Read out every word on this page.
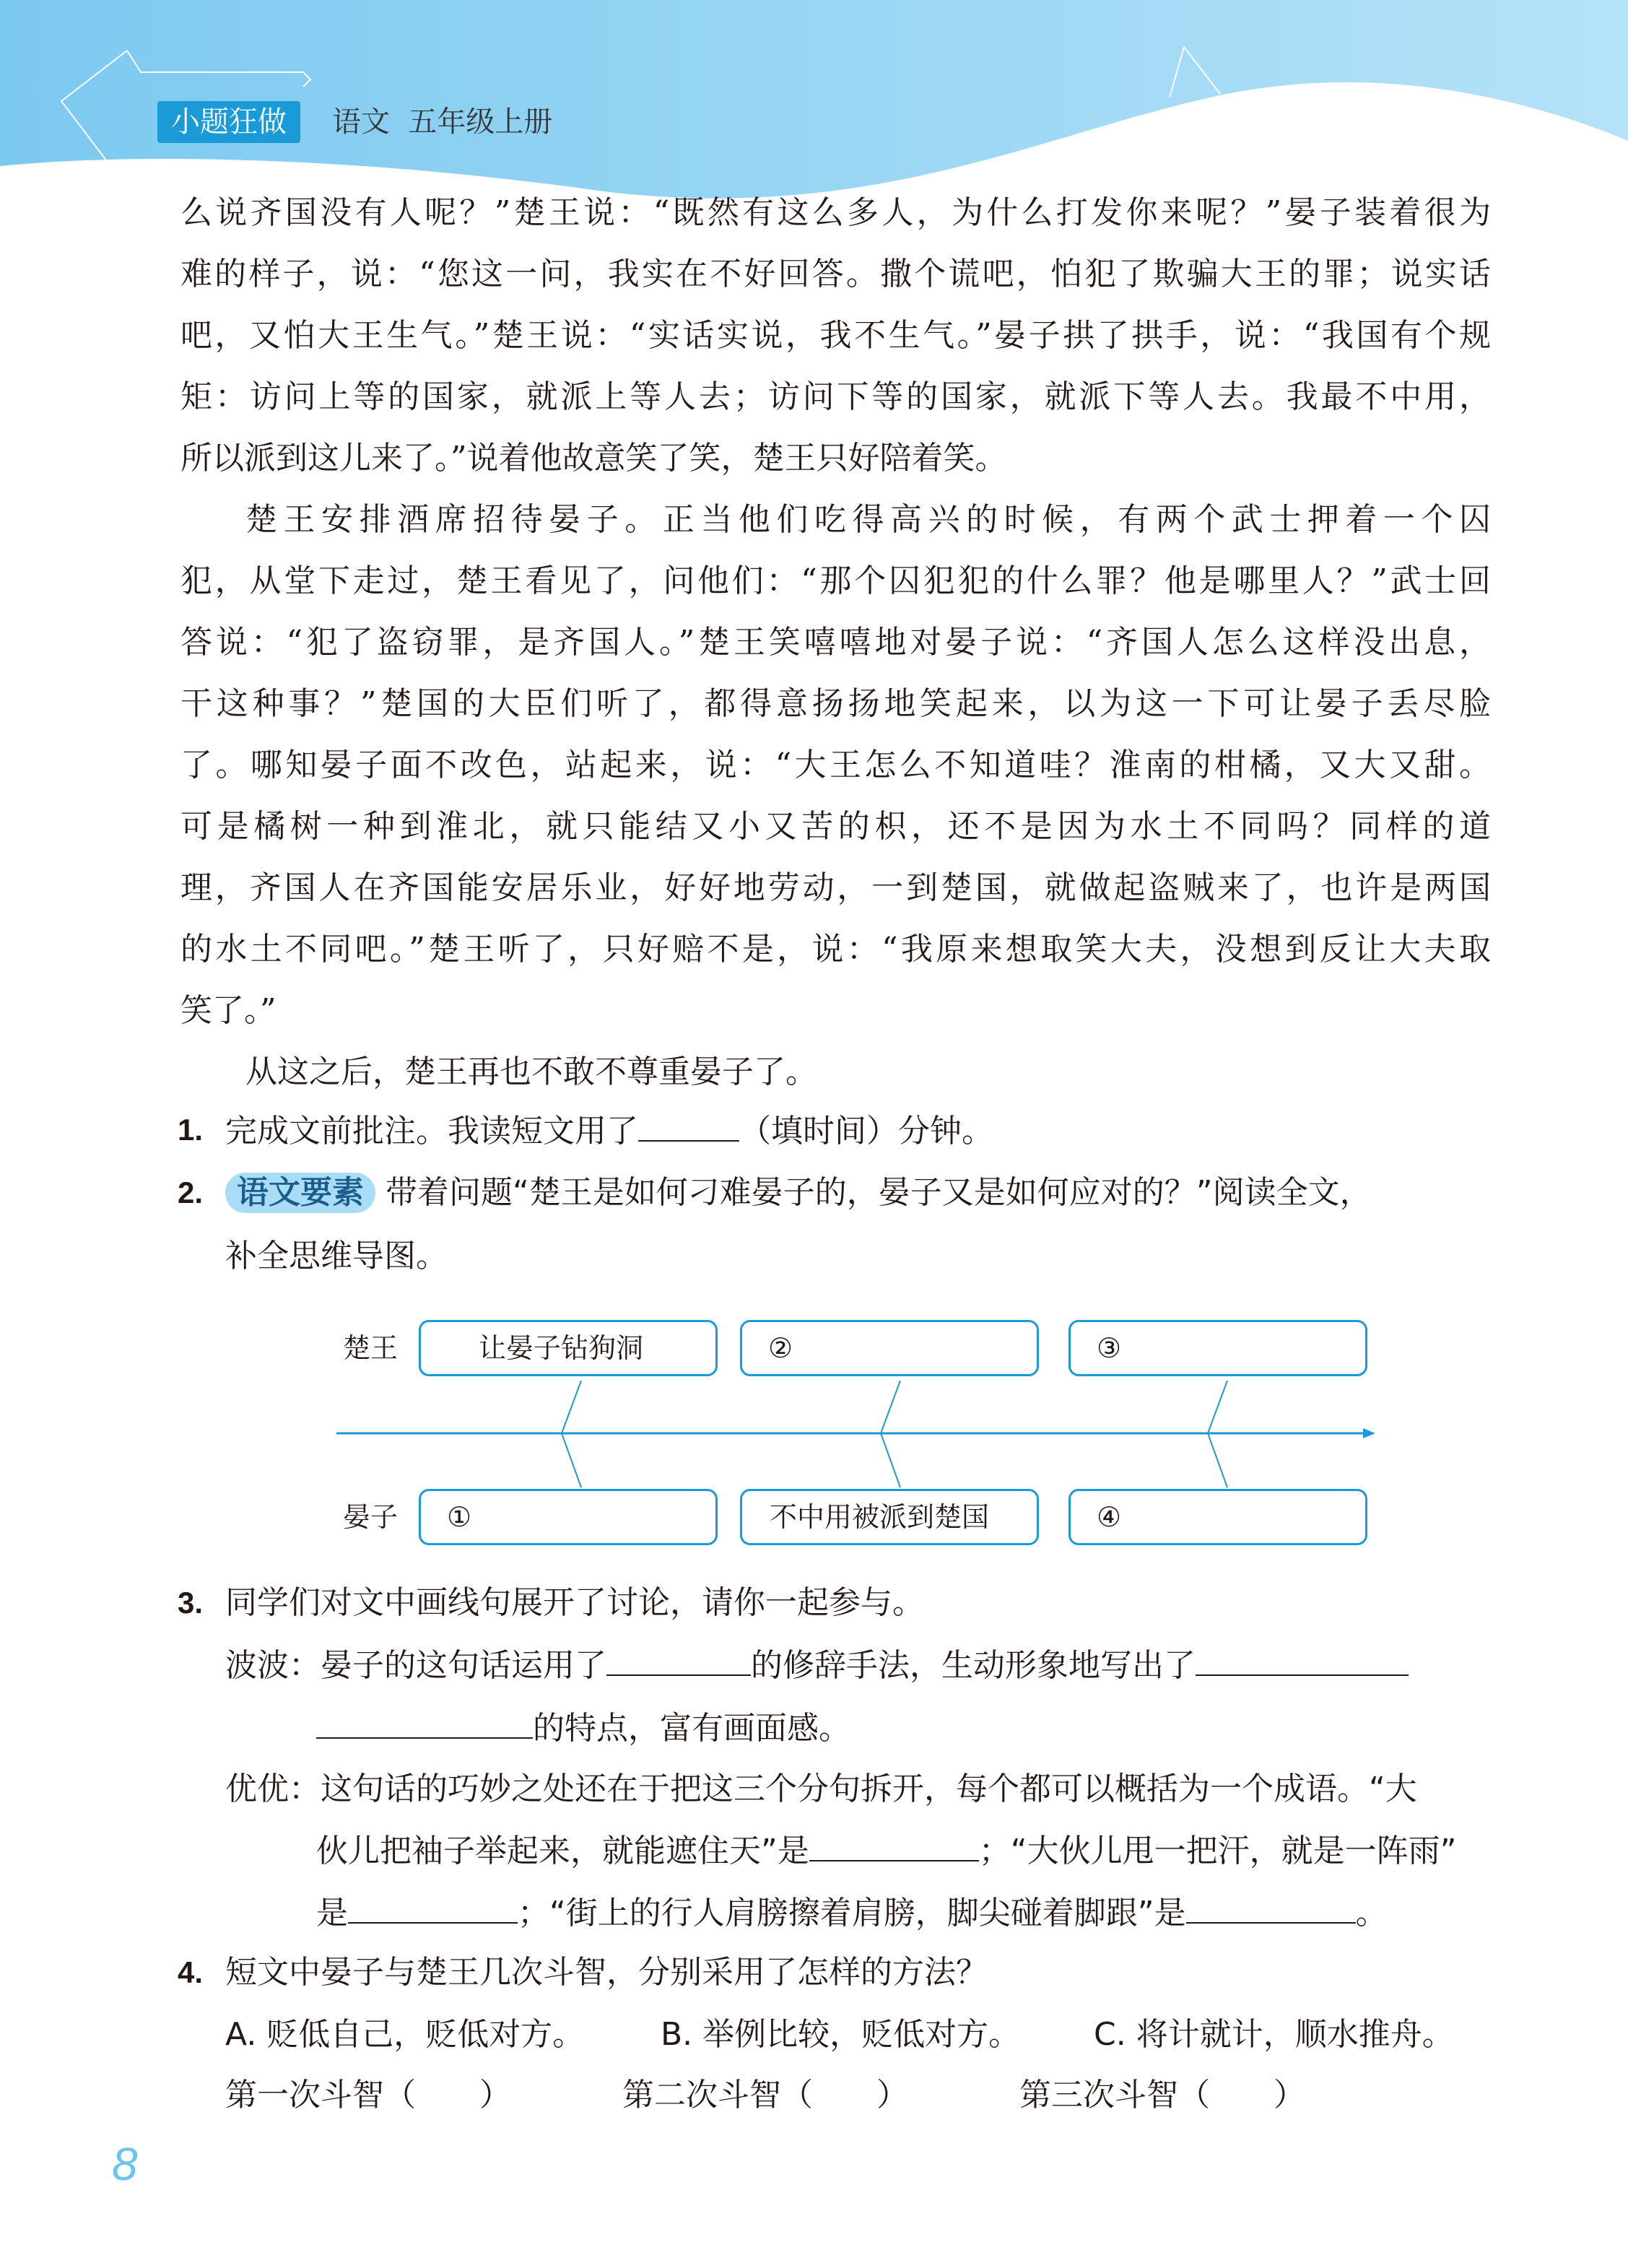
小题狂做	语文  五年级上册
么说齐国没有人呢？”楚王说：“既然有这么多人，为什么打发你来呢？”晏子装着很为
难的样子，说：“您这一问，我实在不好回答。撒个谎吧，怕犯了欺骗大王的罪；说实话
吧，又怕大王生气。”楚王说：“实话实说，我不生气。”晏子拱了拱手，说：“我国有个规
矩：访问上等的国家，就派上等人去；访问下等的国家，就派下等人去。我最不中用，
所以派到这儿来了。”说着他故意笑了笑，楚王只好陪着笑。
楚王安排酒席招待晏子。正当他们吃得高兴的时候，有两个武士押着一个囚
犯，从堂下走过，楚王看见了，问他们：“那个囚犯犯的什么罪？他是哪里人？”武士回
答说：“犯了盗窃罪，是齐国人。”楚王笑嘻嘻地对晏子说：“齐国人怎么这样没出息，
干这种事？”楚国的大臣们听了，都得意扬扬地笑起来，以为这一下可让晏子丢尽脸
了。哪知晏子面不改色，站起来，说：“大王怎么不知道哇？淮南的柑橘，又大又甜。
可是橘树一种到淮北，就只能结又小又苦的枳，还不是因为水土不同吗？同样的道
理，齐国人在齐国能安居乐业，好好地劳动，一到楚国，就做起盗贼来了，也许是两国
的水土不同吧。”楚王听了，只好赔不是，说：“我原来想取笑大夫，没想到反让大夫取
笑了。”
从这之后，楚王再也不敢不尊重晏子了。
1. 完成文前批注。我读短文用了	（填时间）分钟。
2.	语文要素 带着问题“楚王是如何刁难晏子的，晏子又是如何应对的？”阅读全文，
补全思维导图。
楚王
晏子
让晏子钻狗洞	②	③
①	不中用被派到楚国	④
3. 同学们对文中画线句展开了讨论，请你一起参与。
波波：晏子的这句话运用了	的修辞手法，生动形象地写出了
的特点，富有画面感。
优优：这句话的巧妙之处还在于把这三个分句拆开，每个都可以概括为一个成语。“大
伙儿把袖子举起来，就能遮住天”是	；“大伙儿甩一把汗，就是一阵雨”
是	；“街上的行人肩膀擦着肩膀，脚尖碰着脚跟”是	。
4. 短文中晏子与楚王几次斗智，分别采用了怎样的方法？
A. 贬低自己，贬低对方。 B. 举例比较，贬低对方。 C. 将计就计，顺水推舟。
第一次斗智（　　）	第二次斗智（　　）	第三次斗智（　　）
8
